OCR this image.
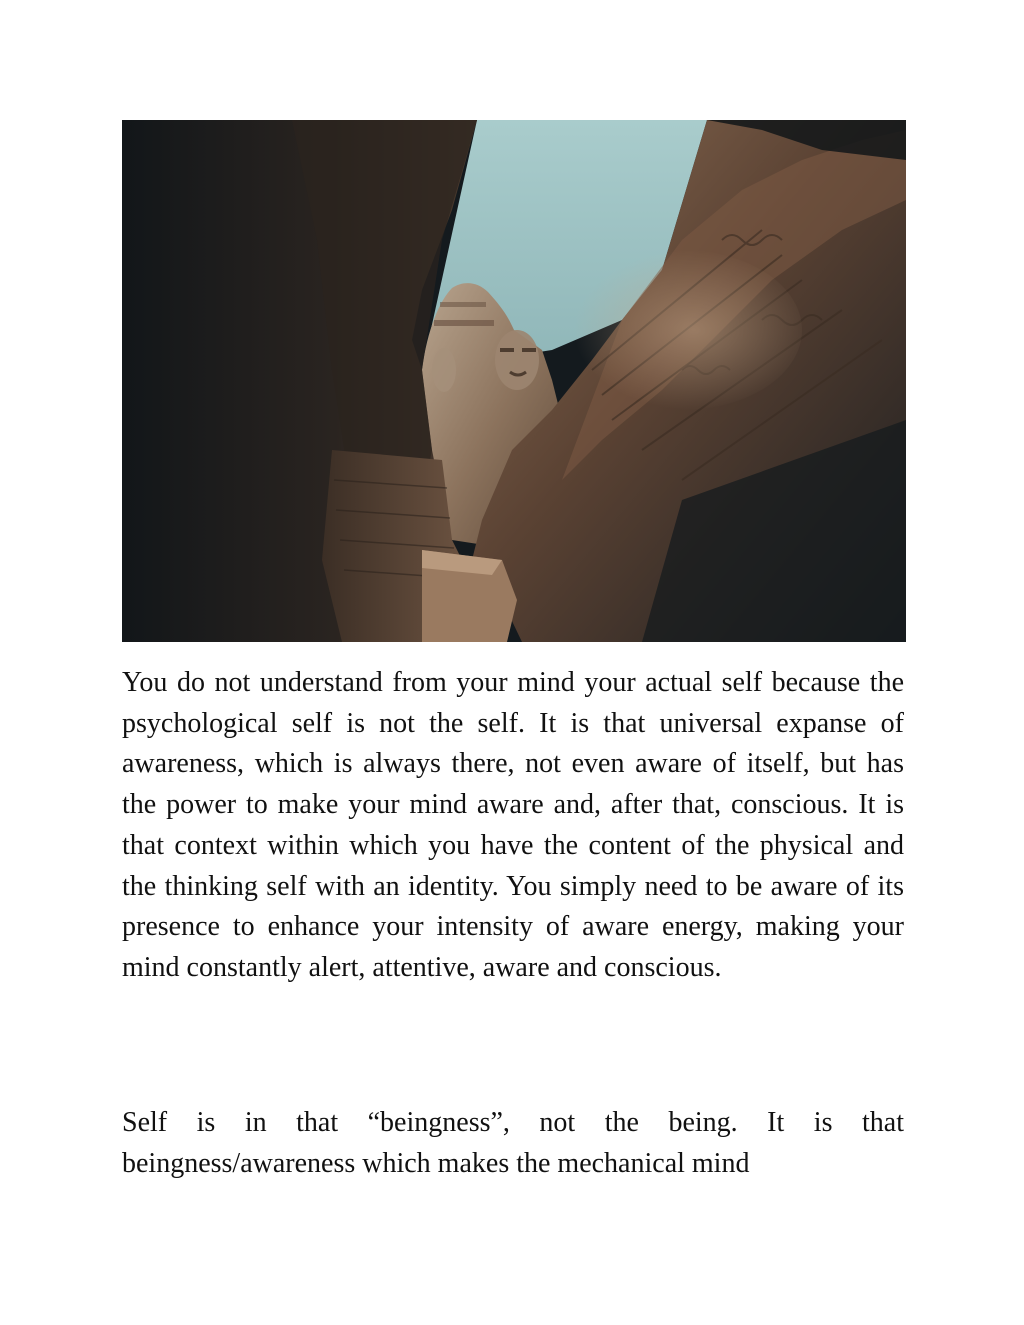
You do not understand from your mind your actual self because the psychological self is not the self. It is that universal expanse of awareness, which is always there, not even aware of itself, but has the power to make your mind aware and, after that, conscious. It is that context within which you have the content of the physical and the thinking self with an identity. You simply need to be aware of its presence to enhance your intensity of aware energy, making your mind constantly alert, attentive, aware and conscious.

Self is in that “beingness”, not the being. It is that beingness/awareness which makes the mechanical mind
